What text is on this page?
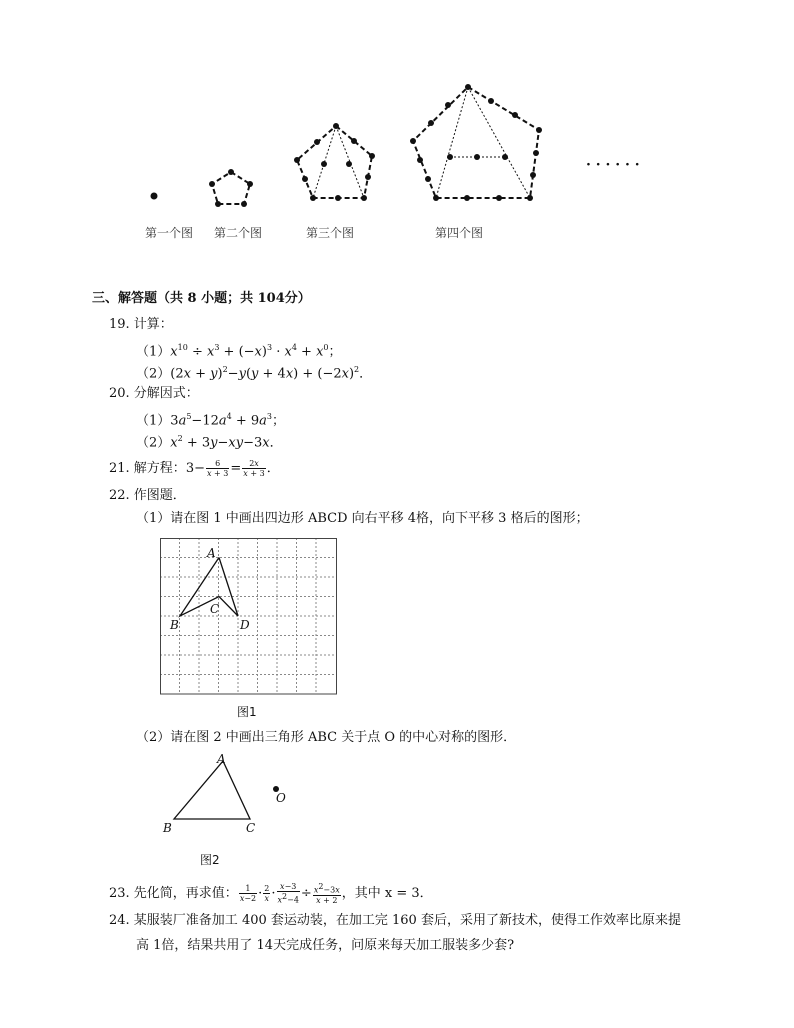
第一个图 第二个图	第三个图	第四个图
· · · · · ·
三、解答题（共 8 小题；共 104分）
19. 计算：
$(1)x^{10} \div x^3 + (-x)^3 \cdot x^4 + x^0$；
$(2)(2x + y)^2-y(y + 4x) + (-2x)^2$．
20. 分解因式：
$(1)3a^5-12a^4 + 9a^3$；
$(2)x^2 + 3y-xy-3x$．
21. 解方程：$3- \frac{6}{x + 3} = \frac{2x}{x + 3}$ ．
22. 作图题．
（1）请在图 1 中画出四边形 ABCD 向右平移 4格，向下平移 3 格后的图形；
A
B
C
D
图1
（2）请在图 2 中画出三角形 ABC 关于点 O 的中心对称的图形．
A
B	C
O
图2
23. 先化简，再求值： $\frac{1}{x-2} \cdot \frac{2}{x} \cdot \frac{x-3}{x^2-4} \div \frac{x^2-3x}{x + 2}$ ，其中 x = 3．
24. 某服装厂准备加工 400 套运动装，在加工完 160 套后，采用了新技术，使得工作效率比原来提
高 1倍，结果共用了 14天完成任务，问原来每天加工服装多少套?
